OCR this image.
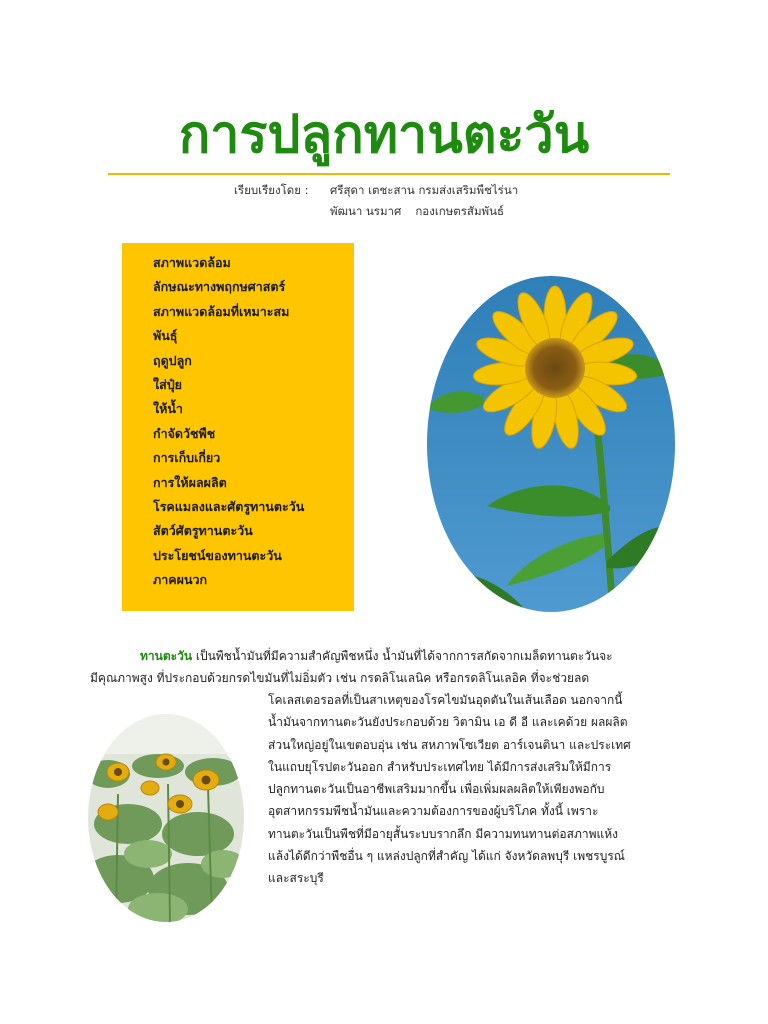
การปลูกทานตะวัน
เรียบเรียงโดย : ศรีสุดา เตชะสาน กรมส่งเสริมพืชไร่นา
พัฒนา นรมาศ กองเกษตรสัมพันธ์
สภาพแวดล้อม
ลักษณะทางพฤกษศาสตร์
สภาพแวดล้อมที่เหมาะสม
พันธุ์
ฤดูปลูก
ใส่ปุ๋ย
ให้น้ำ
กำจัดวัชพืช
การเก็บเกี่ยว
การให้ผลผลิต
โรคแมลงและศัตรูทานตะวัน
สัตว์ศัตรูทานตะวัน
ประโยชน์ของทานตะวัน
ภาคผนวก
ทานตะวัน เป็นพืชน้ำมันที่มีความสำคัญพืชหนึ่ง น้ำมันที่ได้จากการสกัดจากเมล็ดทานตะวันจะ
มีคุณภาพสูง ที่ประกอบด้วยกรดไขมันที่ไม่อิ่มตัว เช่น กรดลิโนเลนิค หรือกรดลิโนเลอิค ที่จะช่วยลด
โคเลสเตอรอลที่เป็นสาเหตุของโรคไขมันอุดตันในเส้นเลือด นอกจากนี้
น้ำมันจากทานตะวันยังประกอบด้วย วิตามิน เอ ดี อี และเคด้วย ผลผลิต
ส่วนใหญ่อยู่ในเขตอบอุ่น เช่น สหภาพโซเวียต อาร์เจนตินา และประเทศ
ในแถบยุโรปตะวันออก สำหรับประเทศไทย ได้มีการส่งเสริมให้มีการ
ปลูกทานตะวันเป็นอาชีพเสริมมากขึ้น เพื่อเพิ่มผลผลิตให้เพียงพอกับ
อุตสาหกรรมพืชน้ำมันและความต้องการของผู้บริโภค ทั้งนี้ เพราะ
ทานตะวันเป็นพืชที่มีอายุสั้นระบบรากลึก มีความทนทานต่อสภาพแห้ง
แล้งได้ดีกว่าพืชอื่น ๆ แหล่งปลูกที่สำคัญ ได้แก่ จังหวัดลพบุรี เพชรบูรณ์
และสระบุรี
